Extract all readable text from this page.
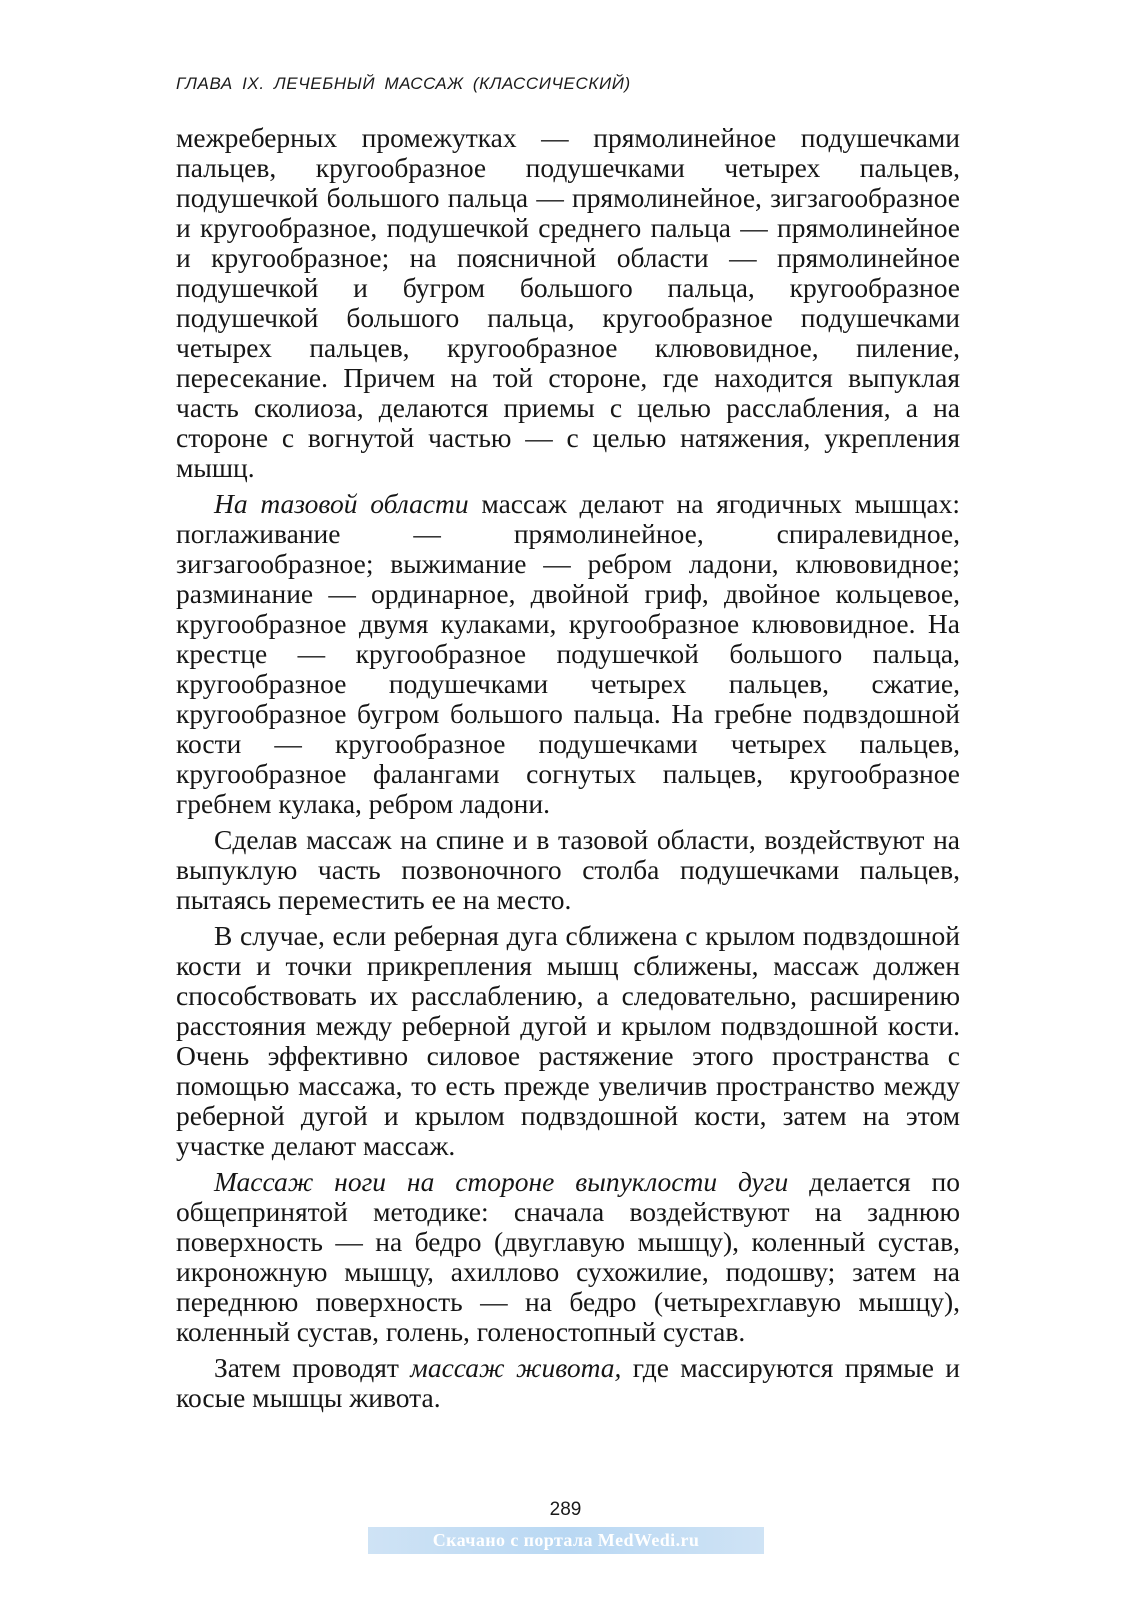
ГЛАВА IX. ЛЕЧЕБНЫЙ МАССАЖ (КЛАССИЧЕСКИЙ)

межреберных промежутках — прямолинейное подушечками пальцев, кругообразное подушечками четырех пальцев, подушечкой большого пальца — прямолинейное, зигзагообразное и кругообразное, подушечкой среднего пальца — прямолинейное и кругообразное; на поясничной области — прямолинейное подушечкой и бугром большого пальца, кругообразное подушечкой большого пальца, кругообразное подушечками четырех пальцев, кругообразное клювовидное, пиление, пересекание. Причем на той стороне, где находится выпуклая часть сколиоза, делаются приемы с целью расслабления, а на стороне с вогнутой частью — с целью натяжения, укрепления мышц.

На тазовой области массаж делают на ягодичных мышцах: поглаживание — прямолинейное, спиралевидное, зигзагообразное; выжимание — ребром ладони, клювовидное; разминание — ординарное, двойной гриф, двойное кольцевое, кругообразное двумя кулаками, кругообразное клювовидное. На крестце — кругообразное подушечкой большого пальца, кругообразное подушечками четырех пальцев, сжатие, кругообразное бугром большого пальца. На гребне подвздошной кости — кругообразное подушечками четырех пальцев, кругообразное фалангами согнутых пальцев, кругообразное гребнем кулака, ребром ладони.

Сделав массаж на спине и в тазовой области, воздействуют на выпуклую часть позвоночного столба подушечками пальцев, пытаясь переместить ее на место.

В случае, если реберная дуга сближена с крылом подвздошной кости и точки прикрепления мышц сближены, массаж должен способствовать их расслаблению, а следовательно, расширению расстояния между реберной дугой и крылом подвздошной кости. Очень эффективно силовое растяжение этого пространства с помощью массажа, то есть прежде увеличив пространство между реберной дугой и крылом подвздошной кости, затем на этом участке делают массаж.

Массаж ноги на стороне выпуклости дуги делается по общепринятой методике: сначала воздействуют на заднюю поверхность — на бедро (двуглавую мышцу), коленный сустав, икроножную мышцу, ахиллово сухожилие, подошву; затем на переднюю поверхность — на бедро (четырехглавую мышцу), коленный сустав, голень, голеностопный сустав.

Затем проводят массаж живота, где массируются прямые и косые мышцы живота.

289
Скачано с портала MedWedi.ru
